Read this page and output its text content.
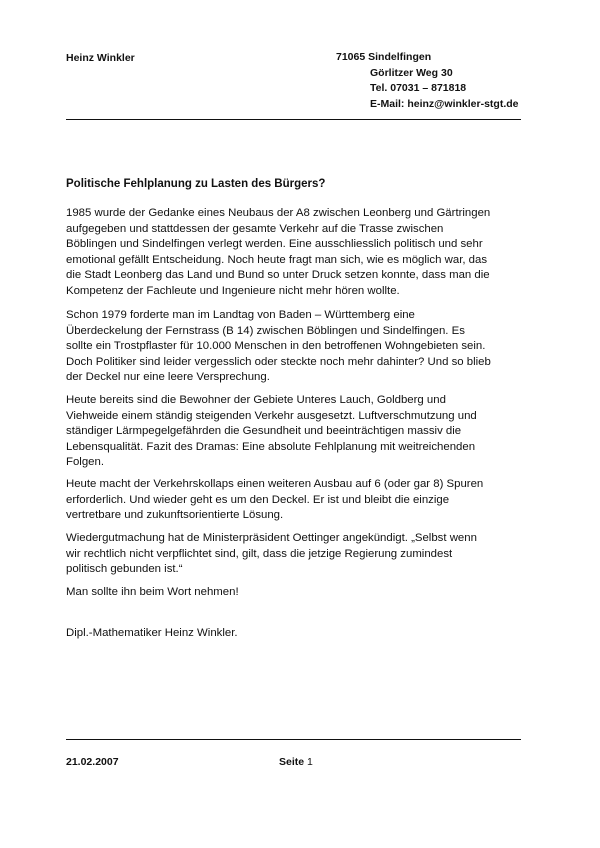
Heinz Winkler	71065 Sindelfingen
Görlitzer Weg 30
Tel. 07031 – 871818
E-Mail: heinz@winkler-stgt.de
Politische Fehlplanung zu Lasten des Bürgers?
1985 wurde der Gedanke eines Neubaus der A8 zwischen Leonberg und Gärtringen
aufgegeben und stattdessen der gesamte Verkehr auf die Trasse zwischen
Böblingen und Sindelfingen verlegt werden. Eine ausschliesslich politisch und sehr
emotional gefällt Entscheidung. Noch heute fragt man sich, wie es möglich war, das
die Stadt Leonberg das Land und Bund so unter Druck setzen konnte, dass man die
Kompetenz der Fachleute und Ingenieure nicht mehr hören wollte.
Schon 1979 forderte man im Landtag von Baden – Württemberg eine
Überdeckelung der Fernstrass (B 14) zwischen Böblingen und Sindelfingen. Es
sollte ein Trostpflaster für 10.000 Menschen in den betroffenen Wohngebieten sein.
Doch Politiker sind leider vergesslich oder steckte noch mehr dahinter? Und so blieb
der Deckel nur eine leere Versprechung.
Heute bereits sind die Bewohner der Gebiete Unteres Lauch, Goldberg und
Viehweide einem ständig steigenden Verkehr ausgesetzt. Luftverschmutzung und
ständiger Lärmpegelgefährden die Gesundheit und beeinträchtigen massiv die
Lebensqualität. Fazit des Dramas: Eine absolute Fehlplanung mit weitreichenden
Folgen.
Heute macht der Verkehrskollaps einen weiteren Ausbau auf 6 (oder gar 8) Spuren
erforderlich. Und wieder geht es um den Deckel. Er ist und bleibt die einzige
vertretbare und zukunftsorientierte Lösung.
Wiedergutmachung hat de Ministerpräsident Oettinger angekündigt. „Selbst wenn
wir rechtlich nicht verpflichtet sind, gilt, dass die jetzige Regierung zumindest
politisch gebunden ist.“
Man sollte ihn beim Wort nehmen!
Dipl.-Mathematiker Heinz Winkler.
21.02.2007	Seite 1
